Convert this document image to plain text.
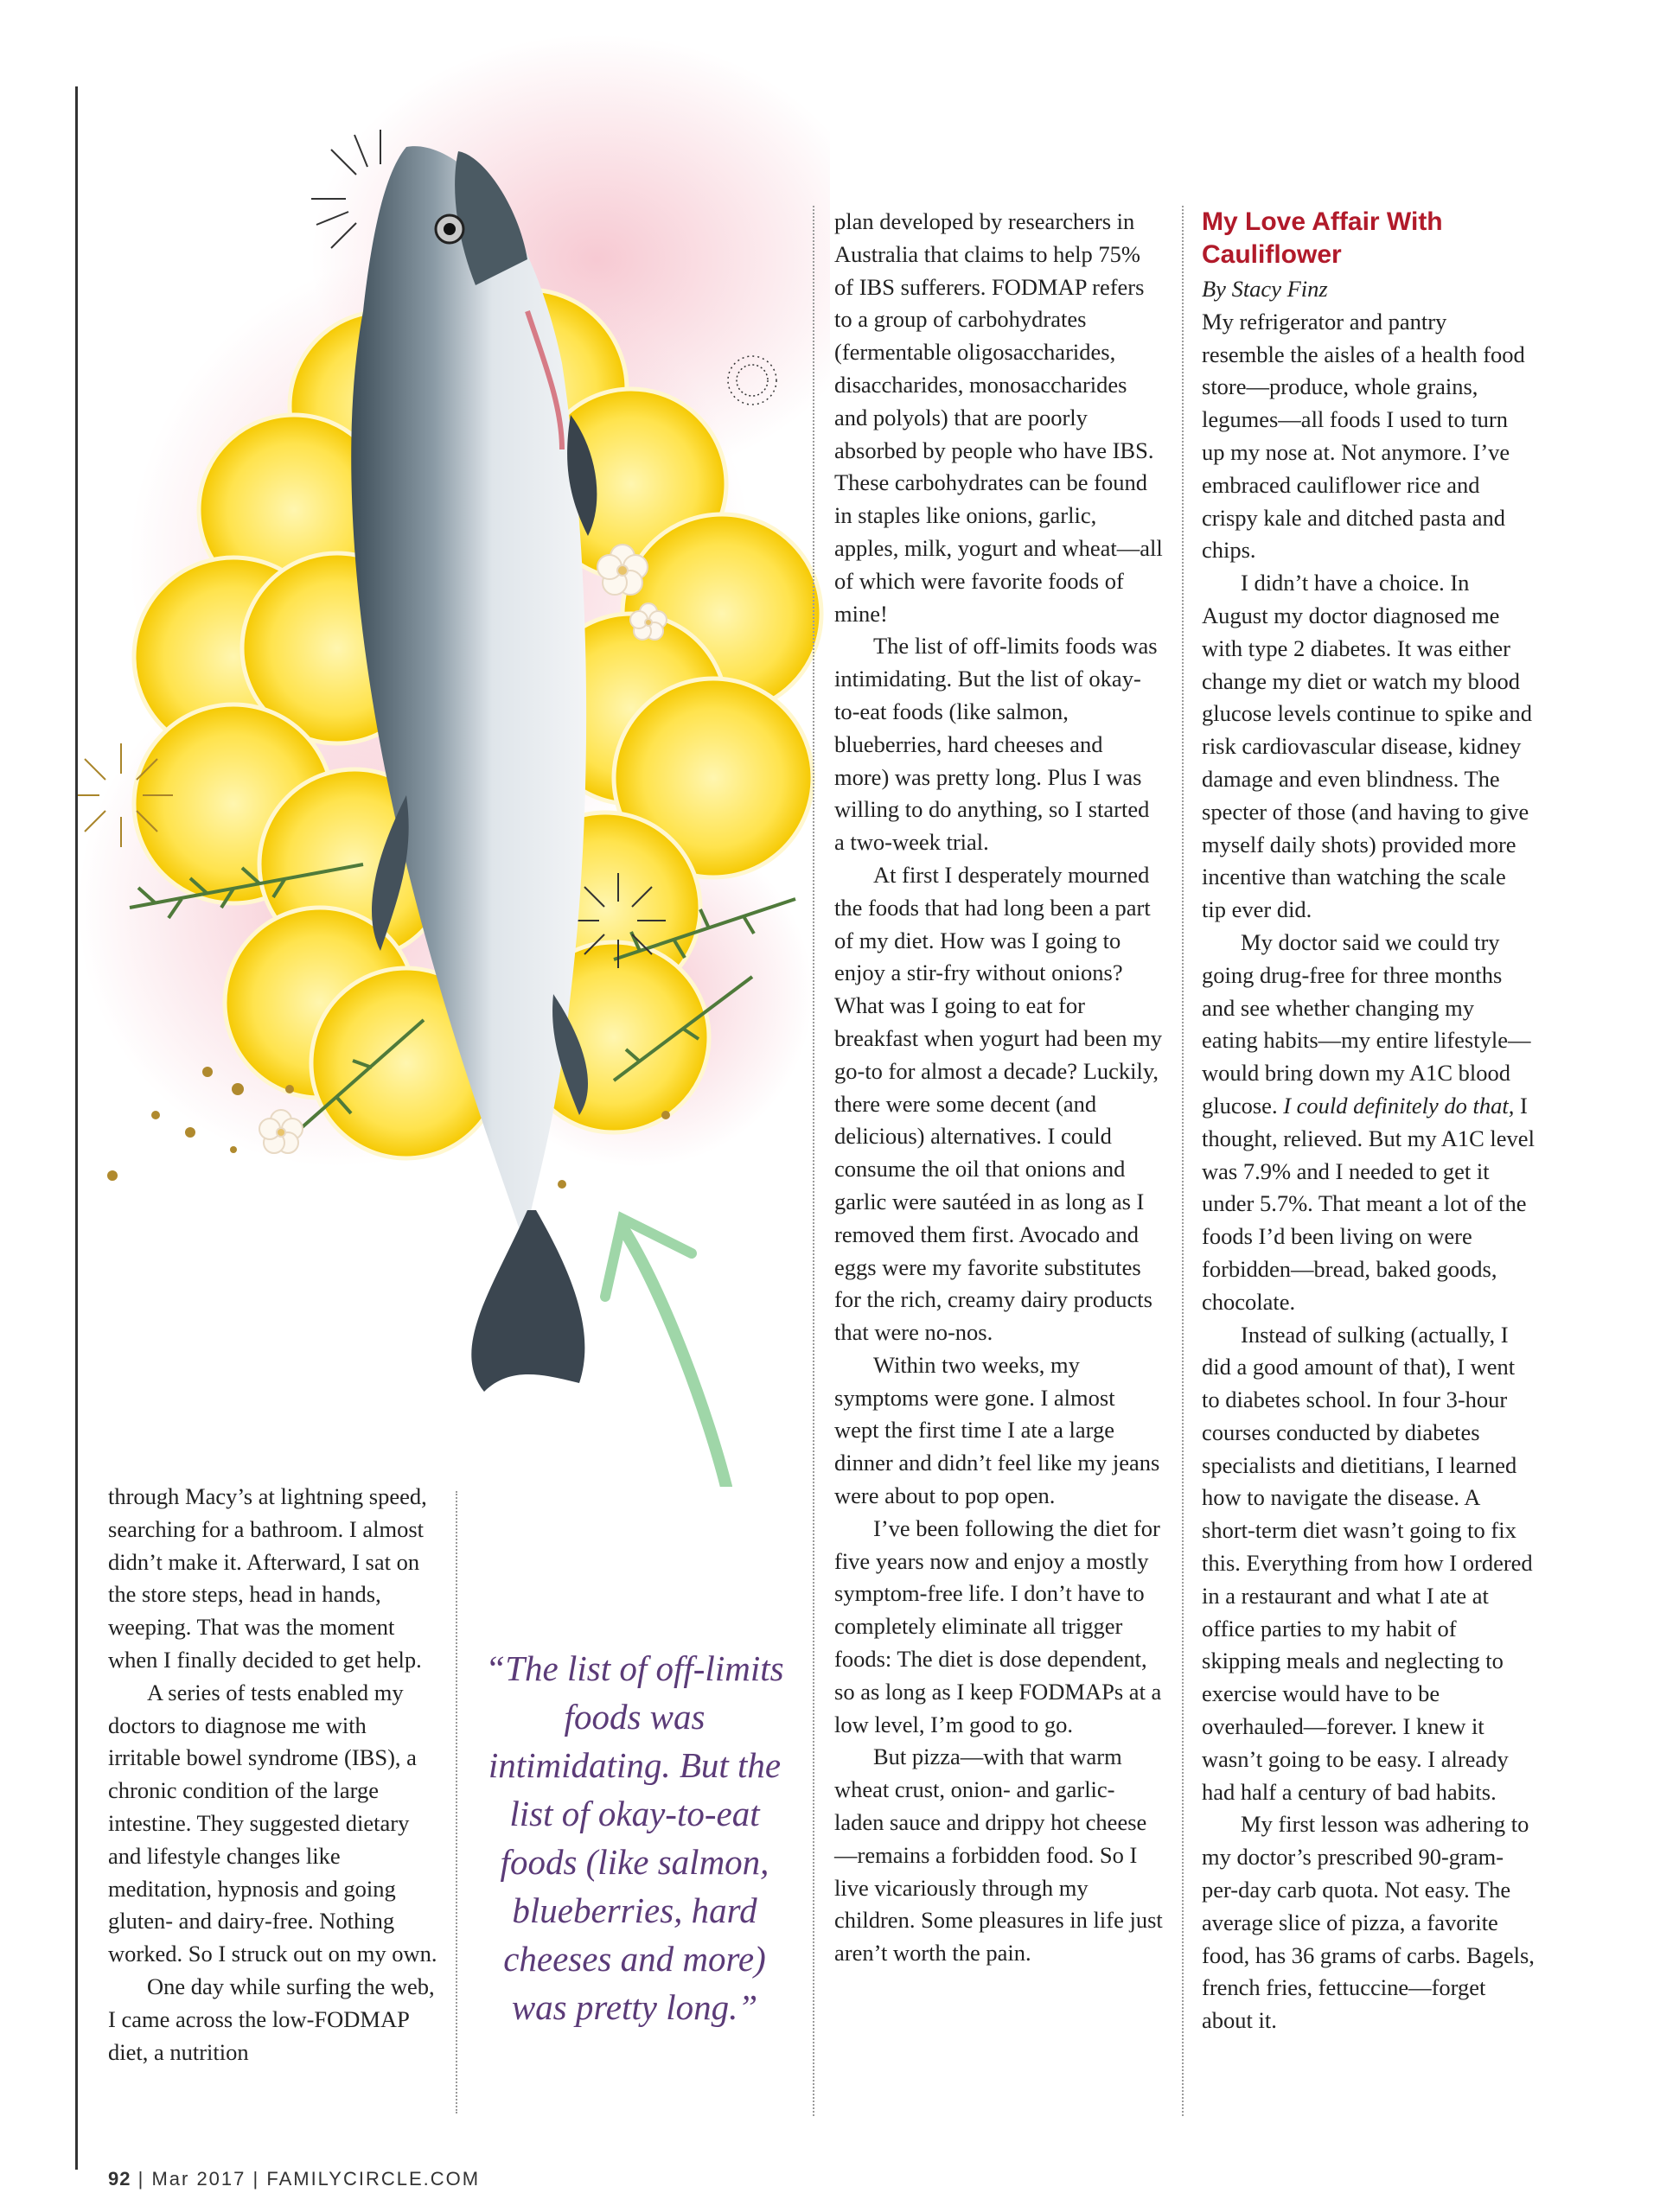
through Macy’s at lightning speed, searching for a bathroom. I almost didn’t make it. Afterward, I sat on the store steps, head in hands, weeping. That was the moment when I finally decided to get help.

A series of tests enabled my doctors to diagnose me with irritable bowel syndrome (IBS), a chronic condition of the large intestine. They suggested dietary and lifestyle changes like meditation, hypnosis and going gluten- and dairy-free. Nothing worked. So I struck out on my own.

One day while surfing the web, I came across the low-FODMAP diet, a nutrition

“The list of off-limits foods was intimidating. But the list of okay-to-eat foods (like salmon, blueberries, hard cheeses and more) was pretty long.”

plan developed by researchers in Australia that claims to help 75% of IBS sufferers. FODMAP refers to a group of carbohydrates (fermentable oligosaccharides, disaccharides, monosaccharides and polyols) that are poorly absorbed by people who have IBS. These carbohydrates can be found in staples like onions, garlic, apples, milk, yogurt and wheat—all of which were favorite foods of mine!

The list of off-limits foods was intimidating. But the list of okay-to-eat foods (like salmon, blueberries, hard cheeses and more) was pretty long. Plus I was willing to do anything, so I started a two-week trial.

At first I desperately mourned the foods that had long been a part of my diet. How was I going to enjoy a stir-fry without onions? What was I going to eat for breakfast when yogurt had been my go-to for almost a decade? Luckily, there were some decent (and delicious) alternatives. I could consume the oil that onions and garlic were sautéed in as long as I removed them first. Avocado and eggs were my favorite substitutes for the rich, creamy dairy products that were no-nos.

Within two weeks, my symptoms were gone. I almost wept the first time I ate a large dinner and didn’t feel like my jeans were about to pop open.

I’ve been following the diet for five years now and enjoy a mostly symptom-free life. I don’t have to completely eliminate all trigger foods: The diet is dose dependent, so as long as I keep FODMAPs at a low level, I’m good to go.

But pizza—with that warm wheat crust, onion- and garlic-laden sauce and drippy hot cheese—remains a forbidden food. So I live vicariously through my children. Some pleasures in life just aren’t worth the pain.

My Love Affair With Cauliflower

By Stacy Finz

My refrigerator and pantry resemble the aisles of a health food store—produce, whole grains, legumes—all foods I used to turn up my nose at. Not anymore. I’ve embraced cauliflower rice and crispy kale and ditched pasta and chips.

I didn’t have a choice. In August my doctor diagnosed me with type 2 diabetes. It was either change my diet or watch my blood glucose levels continue to spike and risk cardiovascular disease, kidney damage and even blindness. The specter of those (and having to give myself daily shots) provided more incentive than watching the scale tip ever did.

My doctor said we could try going drug-free for three months and see whether changing my eating habits—my entire lifestyle—would bring down my A1C blood glucose. I could definitely do that, I thought, relieved. But my A1C level was 7.9% and I needed to get it under 5.7%. That meant a lot of the foods I’d been living on were forbidden—bread, baked goods, chocolate.

Instead of sulking (actually, I did a good amount of that), I went to diabetes school. In four 3-hour courses conducted by diabetes specialists and dietitians, I learned how to navigate the disease. A short-term diet wasn’t going to fix this. Everything from how I ordered in a restaurant and what I ate at office parties to my habit of skipping meals and neglecting to exercise would have to be overhauled—forever. I knew it wasn’t going to be easy. I already had half a century of bad habits.

My first lesson was adhering to my doctor’s prescribed 90-gram-per-day carb quota. Not easy. The average slice of pizza, a favorite food, has 36 grams of carbs. Bagels, french fries, fettuccine—forget about it.

92 | Mar 2017 | FAMILYCIRCLE.COM
